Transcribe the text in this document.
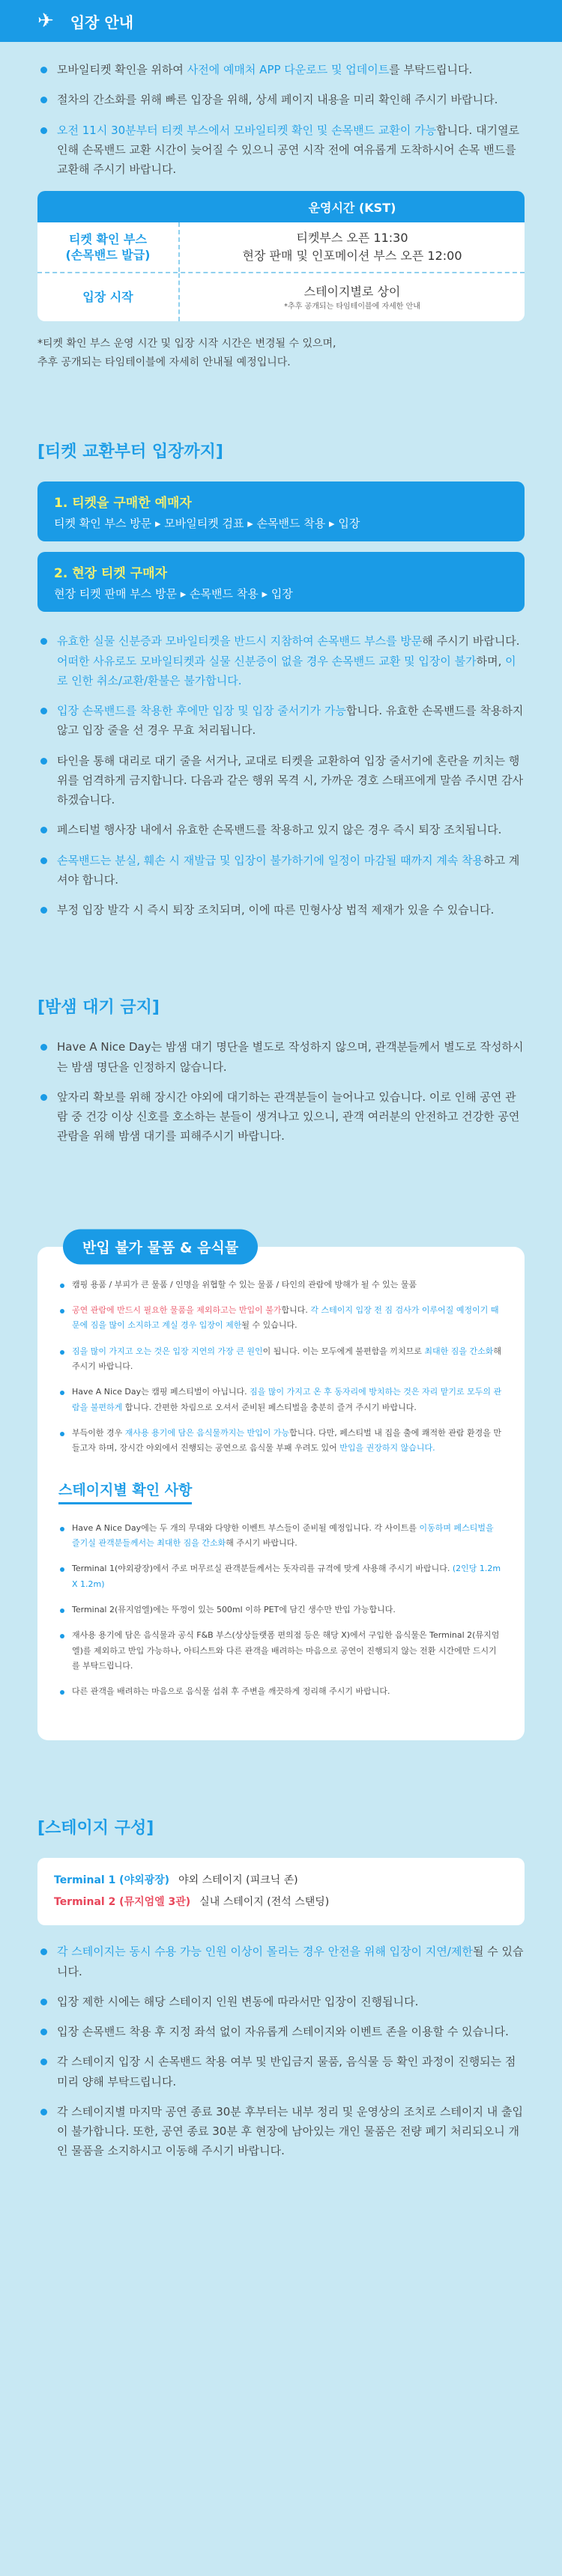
✈ 입장 안내
모바일티켓 확인을 위하여 사전에 예매처 APP 다운로드 및 업데이트를 부탁드립니다.
절차의 간소화를 위해 빠른 입장을 위해, 상세 페이지 내용을 미리 확인해 주시기 바랍니다.
오전 11시 30분부터 티켓 부스에서 모바일티켓 확인 및 손목밴드 교환이 가능합니다. 대기열로 인해 손목밴드 교환 시간이 늦어질 수 있으니 공연 시작 전에 여유롭게 도착하시어 손목 밴드를 교환해 주시기 바랍니다.
운영시간 (KST)
티켓 확인 부스
(손목밴드 발급)
티켓부스 오픈 11:30
현장 판매 및 인포메이션 부스 오픈 12:00
입장 시작	스테이지별로 상이
*추후 공개되는 타임테이블에 자세한 안내
*티켓 확인 부스 운영 시간 및 입장 시작 시간은 변경될 수 있으며,
추후 공개되는 타임테이블에 자세히 안내될 예정입니다.
[티켓 교환부터 입장까지]
1. 티켓을 구매한 예매자
티켓 확인 부스 방문 ▸ 모바일티켓 검표 ▸ 손목밴드 착용 ▸ 입장
2. 현장 티켓 구매자
현장 티켓 판매 부스 방문 ▸ 손목밴드 착용 ▸ 입장
유효한 실물 신분증과 모바일티켓을 반드시 지참하여 손목밴드 부스를 방문해 주시기 바랍니다. 어떠한 사유로도 모바일티켓과 실물 신분증이 없을 경우 손목밴드 교환 및 입장이 불가하며, 이로 인한 취소/교환/환불은 불가합니다.
입장 손목밴드를 착용한 후에만 입장 및 입장 줄서기가 가능합니다. 유효한 손목밴드를 착용하지 않고 입장 줄을 선 경우 무효 처리됩니다.
타인을 통해 대리로 대기 줄을 서거나, 교대로 티켓을 교환하여 입장 줄서기에 혼란을 끼치는 행위를 엄격하게 금지합니다. 다음과 같은 행위 목격 시, 가까운 경호 스태프에게 말씀 주시면 감사하겠습니다.
페스티벌 행사장 내에서 유효한 손목밴드를 착용하고 있지 않은 경우 즉시 퇴장 조치됩니다.
손목밴드는 분실, 훼손 시 재발급 및 입장이 불가하기에 일정이 마감될 때까지 계속 착용하고 계셔야 합니다.
부정 입장 발각 시 즉시 퇴장 조치되며, 이에 따른 민형사상 법적 제재가 있을 수 있습니다.
[밤샘 대기 금지]
Have A Nice Day는 밤샘 대기 명단을 별도로 작성하지 않으며, 관객분들께서 별도로 작성하시는 밤샘 명단을 인정하지 않습니다.
앞자리 확보를 위해 장시간 야외에 대기하는 관객분들이 늘어나고 있습니다. 이로 인해 공연 관람 중 건강 이상 신호를 호소하는 분들이 생겨나고 있으니, 관객 여러분의 안전하고 건강한 공연 관람을 위해 밤샘 대기를 피해주시기 바랍니다.
반입 불가 물품 & 음식물
캠핑 용품 / 부피가 큰 물품 / 인명을 위협할 수 있는 물품 / 타인의 관람에 방해가 될 수 있는 물품
공연 관람에 반드시 필요한 물품을 제외하고는 반입이 불가합니다. 각 스테이지 입장 전 짐 검사가 이루어질 예정이기 때문에 짐을 많이 소지하고 계실 경우 입장이 제한될 수 있습니다.
짐을 많이 가지고 오는 것은 입장 지연의 가장 큰 원인이 됩니다. 이는 모두에게 불편함을 끼치므로 최대한 짐을 간소화해 주시기 바랍니다.
Have A Nice Day는 캠핑 페스티벌이 아닙니다. 짐을 많이 가지고 온 후 동자리에 방치하는 것은 자리 맡기로 모두의 관람을 불편하게 합니다. 간편한 차림으로 오셔서 준비된 페스티벌을 충분히 즐겨 주시기 바랍니다.
부득이한 경우 재사용 용기에 담은 음식물까지는 반입이 가능합니다. 다만, 페스티벌 내 집을 출에 쾌적한 관람 환경을 만들고자 하며, 장시간 야외에서 진행되는 공연으로 음식물 부패 우려도 있어 반입을 권장하지 않습니다.
스테이지별 확인 사항
Have A Nice Day에는 두 개의 무대와 다양한 이벤트 부스들이 준비될 예정입니다. 각 사이트를 이동하며 페스티벌을 즐기실 관객분들께서는 최대한 짐을 간소화해 주시기 바랍니다.
Terminal 1(야외광장)에서 주로 머무르실 관객분들께서는 돗자리를 규격에 맞게 사용해 주시기 바랍니다. (2인당 1.2m X 1.2m)
Terminal 2(뮤지엄엘)에는 뚜껑이 있는 500ml 이하 PET에 담긴 생수만 반입 가능합니다.
재사용 용기에 담은 음식물과 공식 F&B 부스(상상들랫폼 편의점 등은 해당 X)에서 구입한 음식물은 Terminal 2(뮤지엄엘)를 제외하고 반입 가능하나, 아티스트와 다른 관객을 배려하는 마음으로 공연이 진행되지 않는 전환 시간에만 드시기를 부탁드립니다.
다른 관객을 배려하는 마음으로 음식물 섭취 후 주변을 깨끗하게 정리해 주시기 바랍니다.
[스테이지 구성]
Terminal 1 (야외광장) 야외 스테이지 (피크닉 존)
Terminal 2 (뮤지엄엘 3관) 실내 스테이지 (전석 스탠딩)
각 스테이지는 동시 수용 가능 인원 이상이 몰리는 경우 안전을 위해 입장이 지연/제한될 수 있습니다.
입장 제한 시에는 해당 스테이지 인원 변동에 따라서만 입장이 진행됩니다.
입장 손목밴드 착용 후 지정 좌석 없이 자유롭게 스테이지와 이벤트 존을 이용할 수 있습니다.
각 스테이지 입장 시 손목밴드 착용 여부 및 반입금지 물품, 음식물 등 확인 과정이 진행되는 점 미리 양해 부탁드립니다.
각 스테이지별 마지막 공연 종료 30분 후부터는 내부 정리 및 운영상의 조치로 스테이지 내 출입이 불가합니다. 또한, 공연 종료 30분 후 현장에 남아있는 개인 물품은 전량 폐기 처리되오니 개인 물품을 소지하시고 이동해 주시기 바랍니다.
